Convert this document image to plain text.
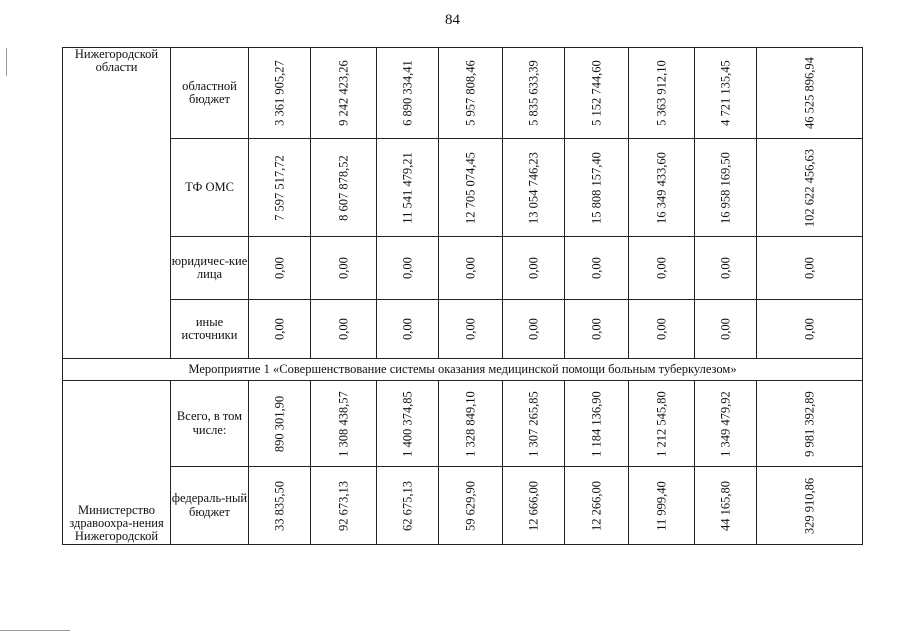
84
Нижегородской области	областной бюджет	3 361 905,27	9 242 423,26	6 890 334,41	5 957 808,46	5 835 633,39	5 152 744,60	5 363 912,10	4 721 135,45	46 525 896,94

	ТФ ОМС	7 597 517,72	8 607 878,52	11 541 479,21	12 705 074,45	13 054 746,23	15 808 157,40	16 349 433,60	16 958 169,50	102 622 456,63

	юридичес-кие лица	0,00	0,00	0,00	0,00	0,00	0,00	0,00	0,00	0,00

	иные источники	0,00	0,00	0,00	0,00	0,00	0,00	0,00	0,00	0,00

Мероприятие 1 «Совершенствование системы оказания медицинской помощи больным туберкулезом»										
Министерство здравоохра-нения Нижегородской	Всего, в том числе:	890 301,90	1 308 438,57	1 400 374,85	1 328 849,10	1 307 265,85	1 184 136,90	1 212 545,80	1 349 479,92	9 981 392,89

	федераль-ный бюджет	33 835,50	92 673,13	62 675,13	59 629,90	12 666,00	12 266,00	11 999,40	44 165,80	329 910,86
